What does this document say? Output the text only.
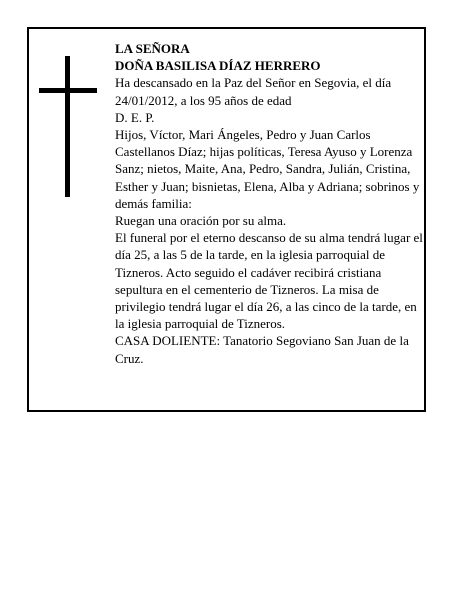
LA SEÑORA

DOÑA BASILISA DÍAZ HERRERO

Ha descansado en la Paz del Señor en Segovia, el día 24/01/2012, a los 95 años de edad

D. E. P.

Hijos, Víctor, Mari Ángeles, Pedro y Juan Carlos Castellanos Díaz; hijas políticas, Teresa Ayuso y Lorenza Sanz; nietos, Maite, Ana, Pedro, Sandra, Julián, Cristina, Esther y Juan; bisnietas, Elena, Alba y Adriana; sobrinos y demás familia:

Ruegan una oración por su alma.

El funeral por el eterno descanso de su alma tendrá lugar el día 25, a las 5 de la tarde, en la iglesia parroquial de Tizneros. Acto seguido el cadáver recibirá cristiana sepultura en el cementerio de Tizneros. La misa de privilegio tendrá lugar el día 26, a las cinco de la tarde, en la iglesia parroquial de Tizneros.

CASA DOLIENTE: Tanatorio Segoviano San Juan de la Cruz.
